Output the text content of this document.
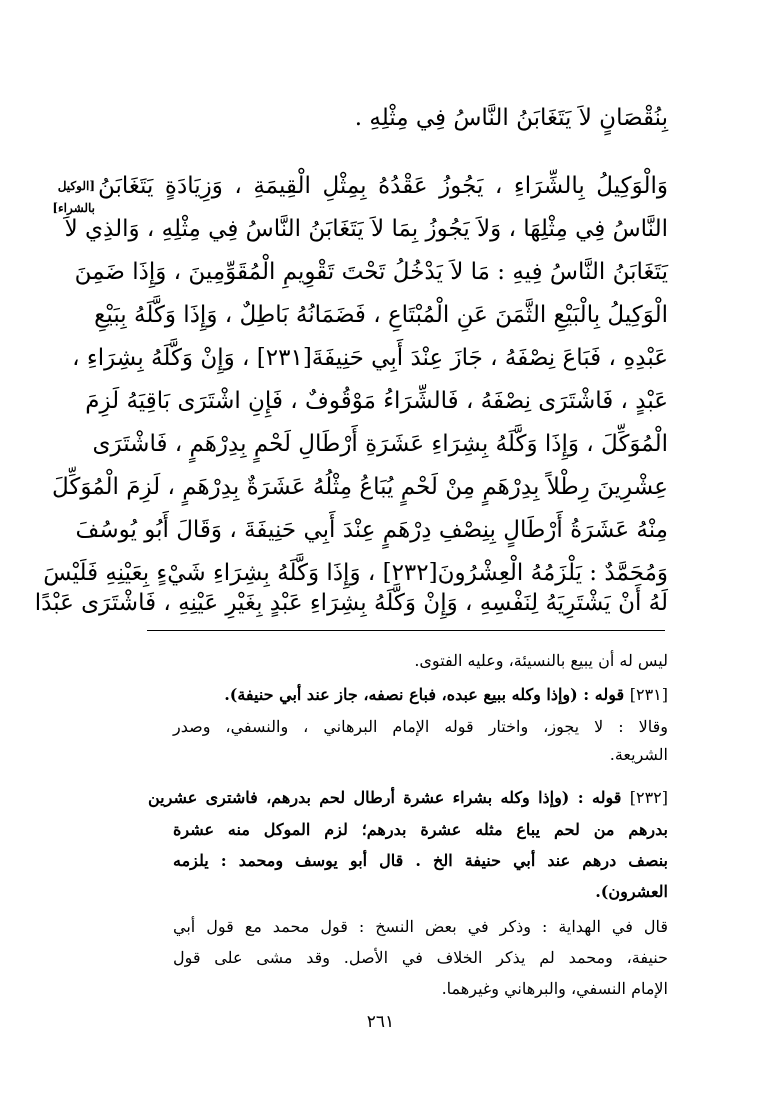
بِنُقْصَانٍ لاَ يَتَغَابَنُ النَّاسُ فِي مِثْلِهِ .
وَالْوَكِيلُ بِالشِّرَاءِ ، يَجُوزُ عَقْدُهُ بِمِثْلِ الْقِيمَةِ ، وَزِيَادَةٍ يَتَغَابَنُ
النَّاسُ فِي مِثْلِهَا ، وَلاَ يَجُوزُ بِمَا لاَ يَتَغَابَنُ النَّاسُ فِي مِثْلِهِ ، وَالذِي لاَ
يَتَغَابَنُ النَّاسُ فِيهِ : مَا لاَ يَدْخُلُ تَحْتَ تَقْوِيمِ الْمُقَوِّمِينَ ، وَإِذَا ضَمِنَ
الْوَكِيلُ بِالْبَيْعِ الثَّمَنَ عَنِ الْمُبْتَاعِ ، فَضَمَانُهُ بَاطِلٌ ، وَإِذَا وَكَّلَهُ بِبَيْعِ
عَبْدِهِ ، فَبَاعَ نِصْفَهُ ، جَازَ عِنْدَ أَبِي حَنِيفَةَ[٢٣١] ، وَإِنْ وَكَّلَهُ بِشِرَاءِ ،
عَبْدٍ ، فَاشْتَرَى نِصْفَهُ ، فَالشِّرَاءُ مَوْقُوفٌ ، فَإِنِ اشْتَرَى بَاقِيَهُ لَزِمَ
الْمُوَكِّلَ ، وَإِذَا وَكَّلَهُ بِشِرَاءِ عَشَرَةِ أَرْطَالِ لَحْمٍ بِدِرْهَمٍ ، فَاشْتَرَى
عِشْرِينَ رِطْلاً بِدِرْهَمٍ مِنْ لَحْمٍ يُبَاعُ مِثْلُهُ عَشَرَةٌ بِدِرْهَمٍ ، لَزِمَ الْمُوَكِّلَ
مِنْهُ عَشَرَةُ أَرْطَالٍ بِنِصْفِ دِرْهَمٍ عِنْدَ أَبِي حَنِيفَةَ ، وَقَالَ أَبُو يُوسُفَ
وَمُحَمَّدٌ : يَلْزَمُهُ الْعِشْرُونَ[٢٣٢] ، وَإِذَا وَكَّلَهُ بِشِرَاءِ شَيْءٍ بِعَيْنِهِ فَلَيْسَ
لَهُ أَنْ يَشْتَرِيَهُ لِنَفْسِهِ ، وَإِنْ وَكَّلَهُ بِشِرَاءِ عَبْدٍ بِغَيْرِ عَيْنِهِ ، فَاشْتَرَى عَبْدًا
[الوكيل
بالشراء]
ليس له أن يبيع بالنسيئة، وعليه الفتوى.
[٢٣١] قوله : (وإذا وكله ببيع عبده، فباع نصفه، جاز عند أبي حنيفة).
وقالا : لا يجوز، واختار قوله الإمام البرهاني ، والنسفي، وصدر
الشريعة.
[٢٣٢] قوله : (وإذا وكله بشراء عشرة أرطال لحم بدرهم، فاشترى عشرين
بدرهم من لحم يباع مثله عشرة بدرهم؛ لزم الموكل منه عشرة
بنصف درهم عند أبي حنيفة الخ . قال أبو يوسف ومحمد : يلزمه
العشرون).
قال في الهداية : وذكر في بعض النسخ : قول محمد مع قول أبي
حنيفة، ومحمد لم يذكر الخلاف في الأصل. وقد مشى على قول
الإمام النسفي، والبرهاني وغيرهما.
٢٦١
